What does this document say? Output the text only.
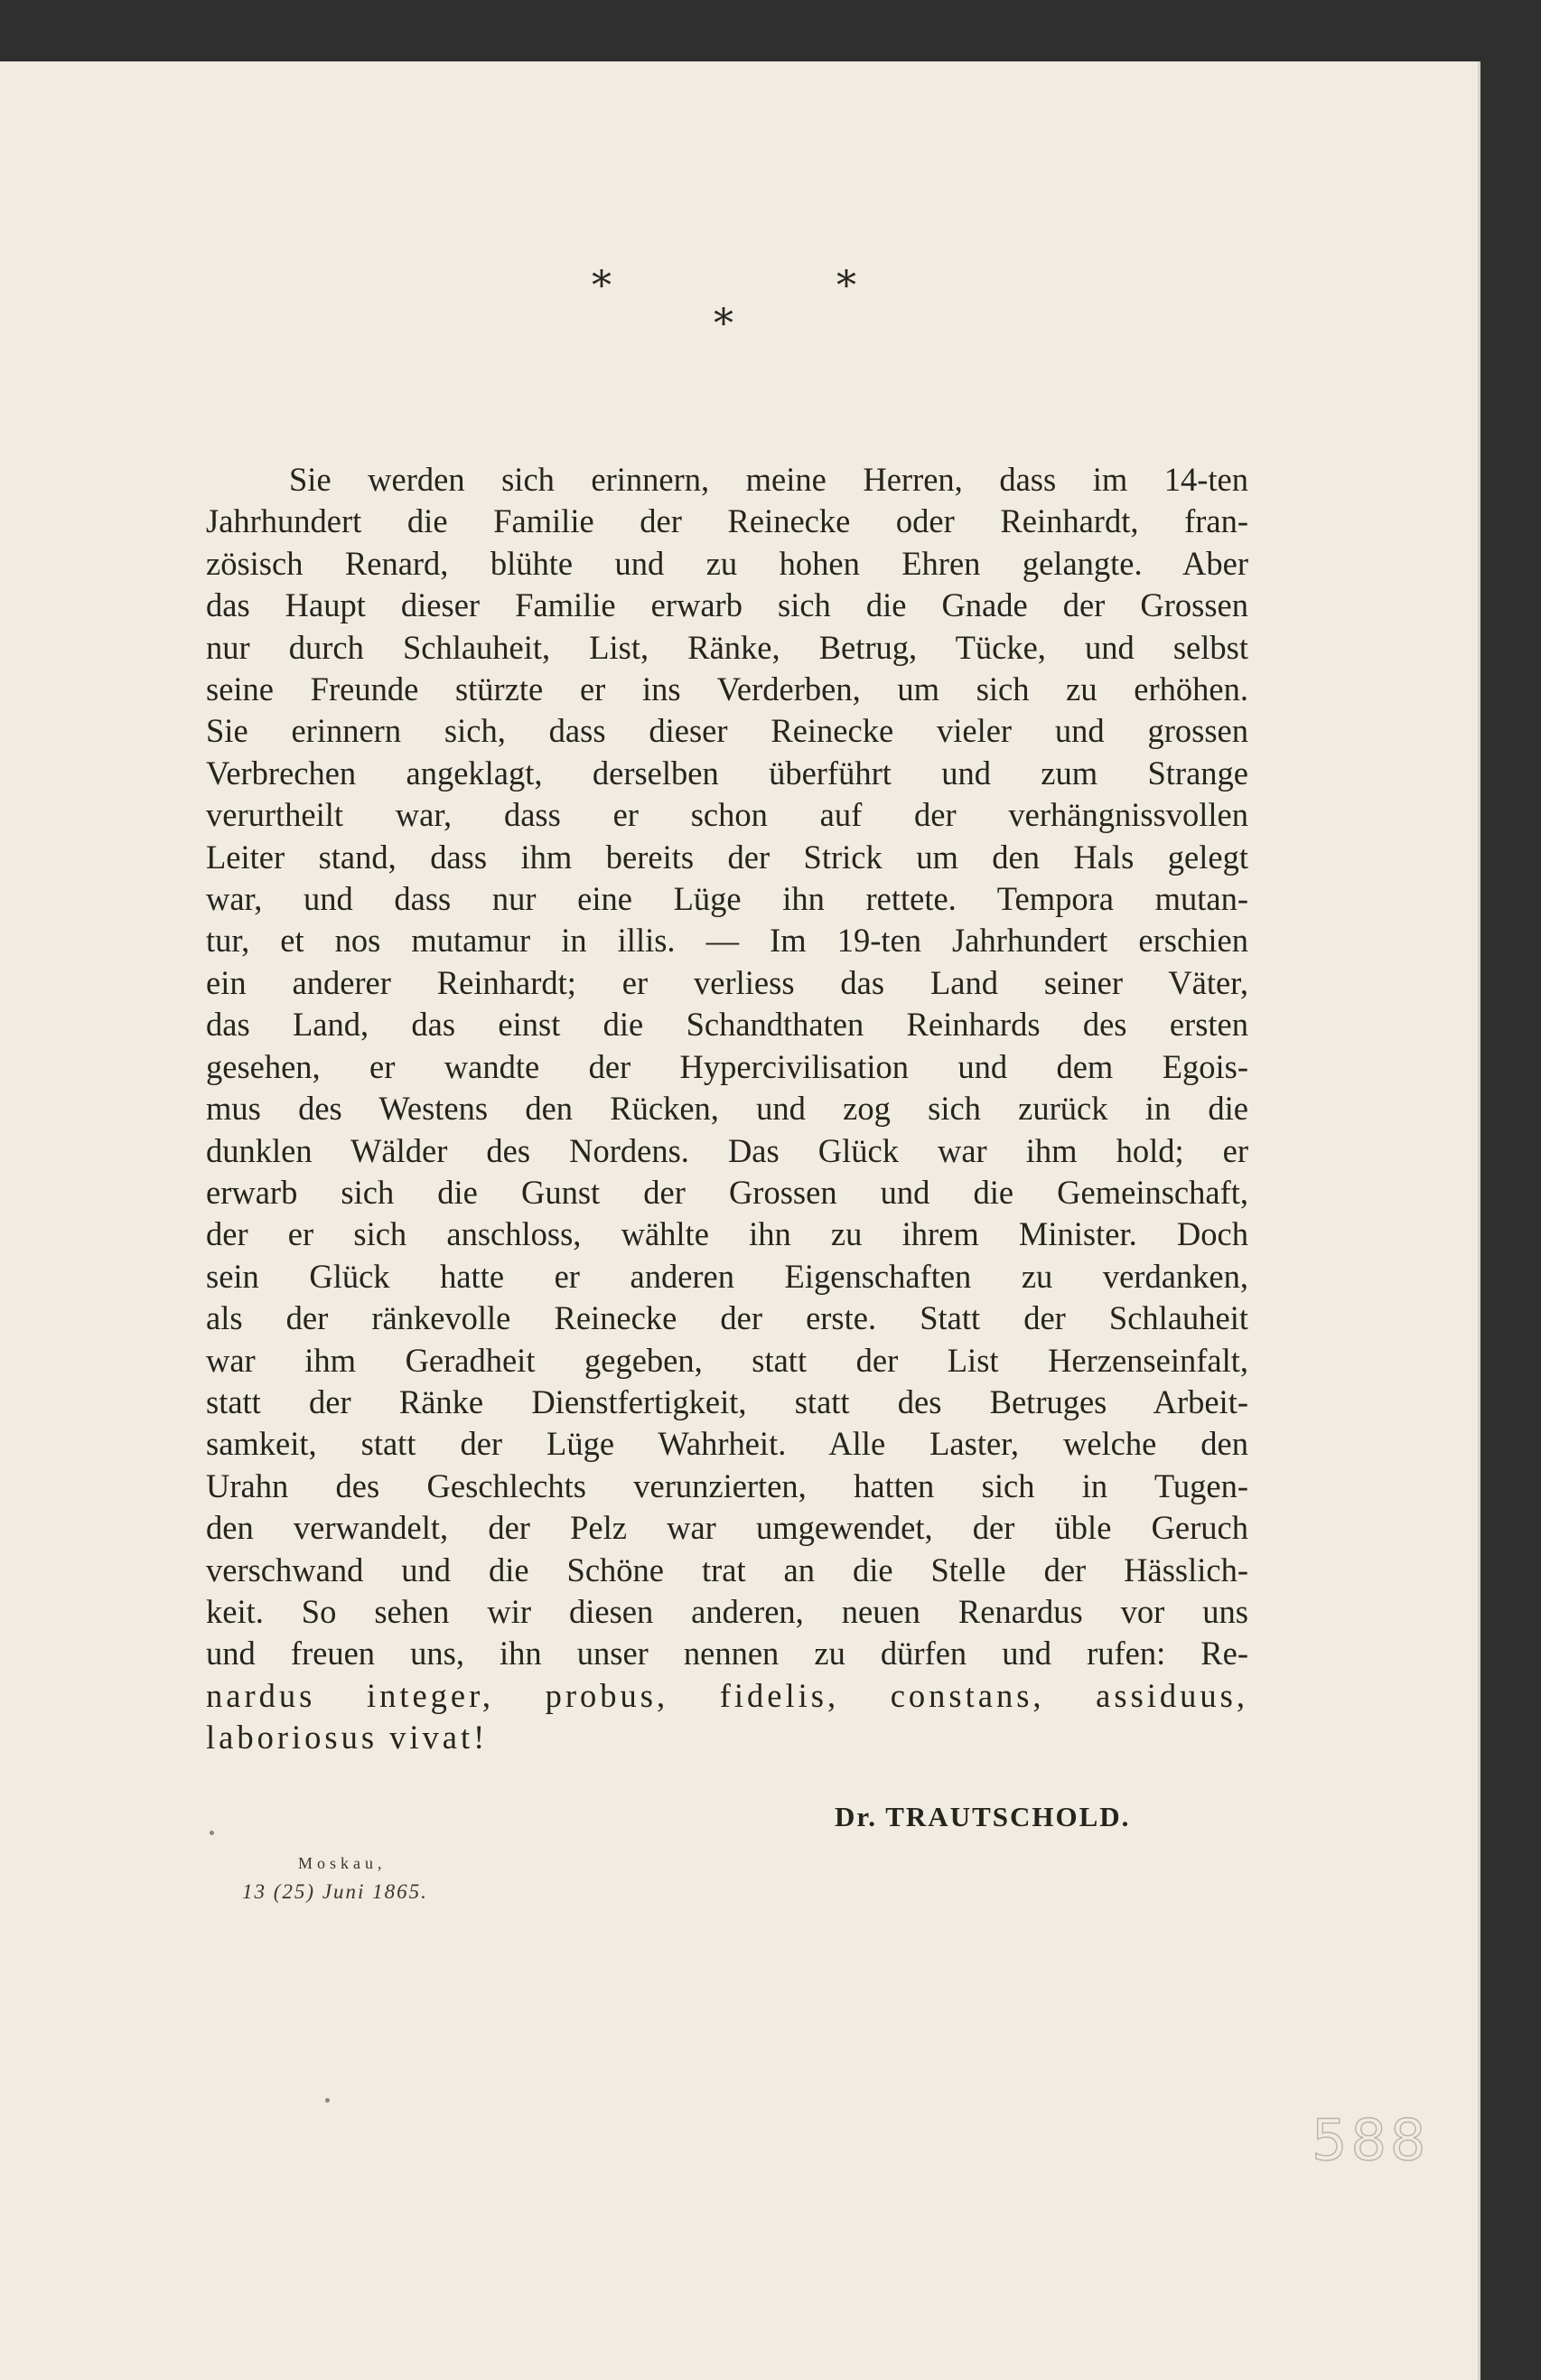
*	*
*
Sie werden sich erinnern, meine Herren, dass im 14-ten
Jahrhundert die Familie der Reinecke oder Reinhardt, fran-
zösisch Renard, blühte und zu hohen Ehren gelangte. Aber
das Haupt dieser Familie erwarb sich die Gnade der Grossen
nur durch Schlauheit, List, Ränke, Betrug, Tücke, und selbst
seine Freunde stürzte er ins Verderben, um sich zu erhöhen.
Sie erinnern sich, dass dieser Reinecke vieler und grossen
Verbrechen angeklagt, derselben überführt und zum Strange
verurtheilt war, dass er schon auf der verhängnissvollen
Leiter stand, dass ihm bereits der Strick um den Hals gelegt
war, und dass nur eine Lüge ihn rettete. Tempora mutan-
tur, et nos mutamur in illis. — Im 19-ten Jahrhundert erschien
ein anderer Reinhardt; er verliess das Land seiner Väter,
das Land, das einst die Schandthaten Reinhards des ersten
gesehen, er wandte der Hypercivilisation und dem Egois-
mus des Westens den Rücken, und zog sich zurück in die
dunklen Wälder des Nordens. Das Glück war ihm hold; er
erwarb sich die Gunst der Grossen und die Gemeinschaft,
der er sich anschloss, wählte ihn zu ihrem Minister. Doch
sein Glück hatte er anderen Eigenschaften zu verdanken,
als der ränkevolle Reinecke der erste. Statt der Schlauheit
war ihm Geradheit gegeben, statt der List Herzenseinfalt,
statt der Ränke Dienstfertigkeit, statt des Betruges Arbeit-
samkeit, statt der Lüge Wahrheit. Alle Laster, welche den
Urahn des Geschlechts verunzierten, hatten sich in Tugen-
den verwandelt, der Pelz war umgewendet, der üble Geruch
verschwand und die Schöne trat an die Stelle der Hässlich-
keit. So sehen wir diesen anderen, neuen Renardus vor uns
und freuen uns, ihn unser nennen zu dürfen und rufen: Re-
nardus integer, probus, fidelis, constans, assiduus,
laboriosus vivat!
Dr. TRAUTSCHOLD.
Moskau,
13 (25) Juni 1865.
588
